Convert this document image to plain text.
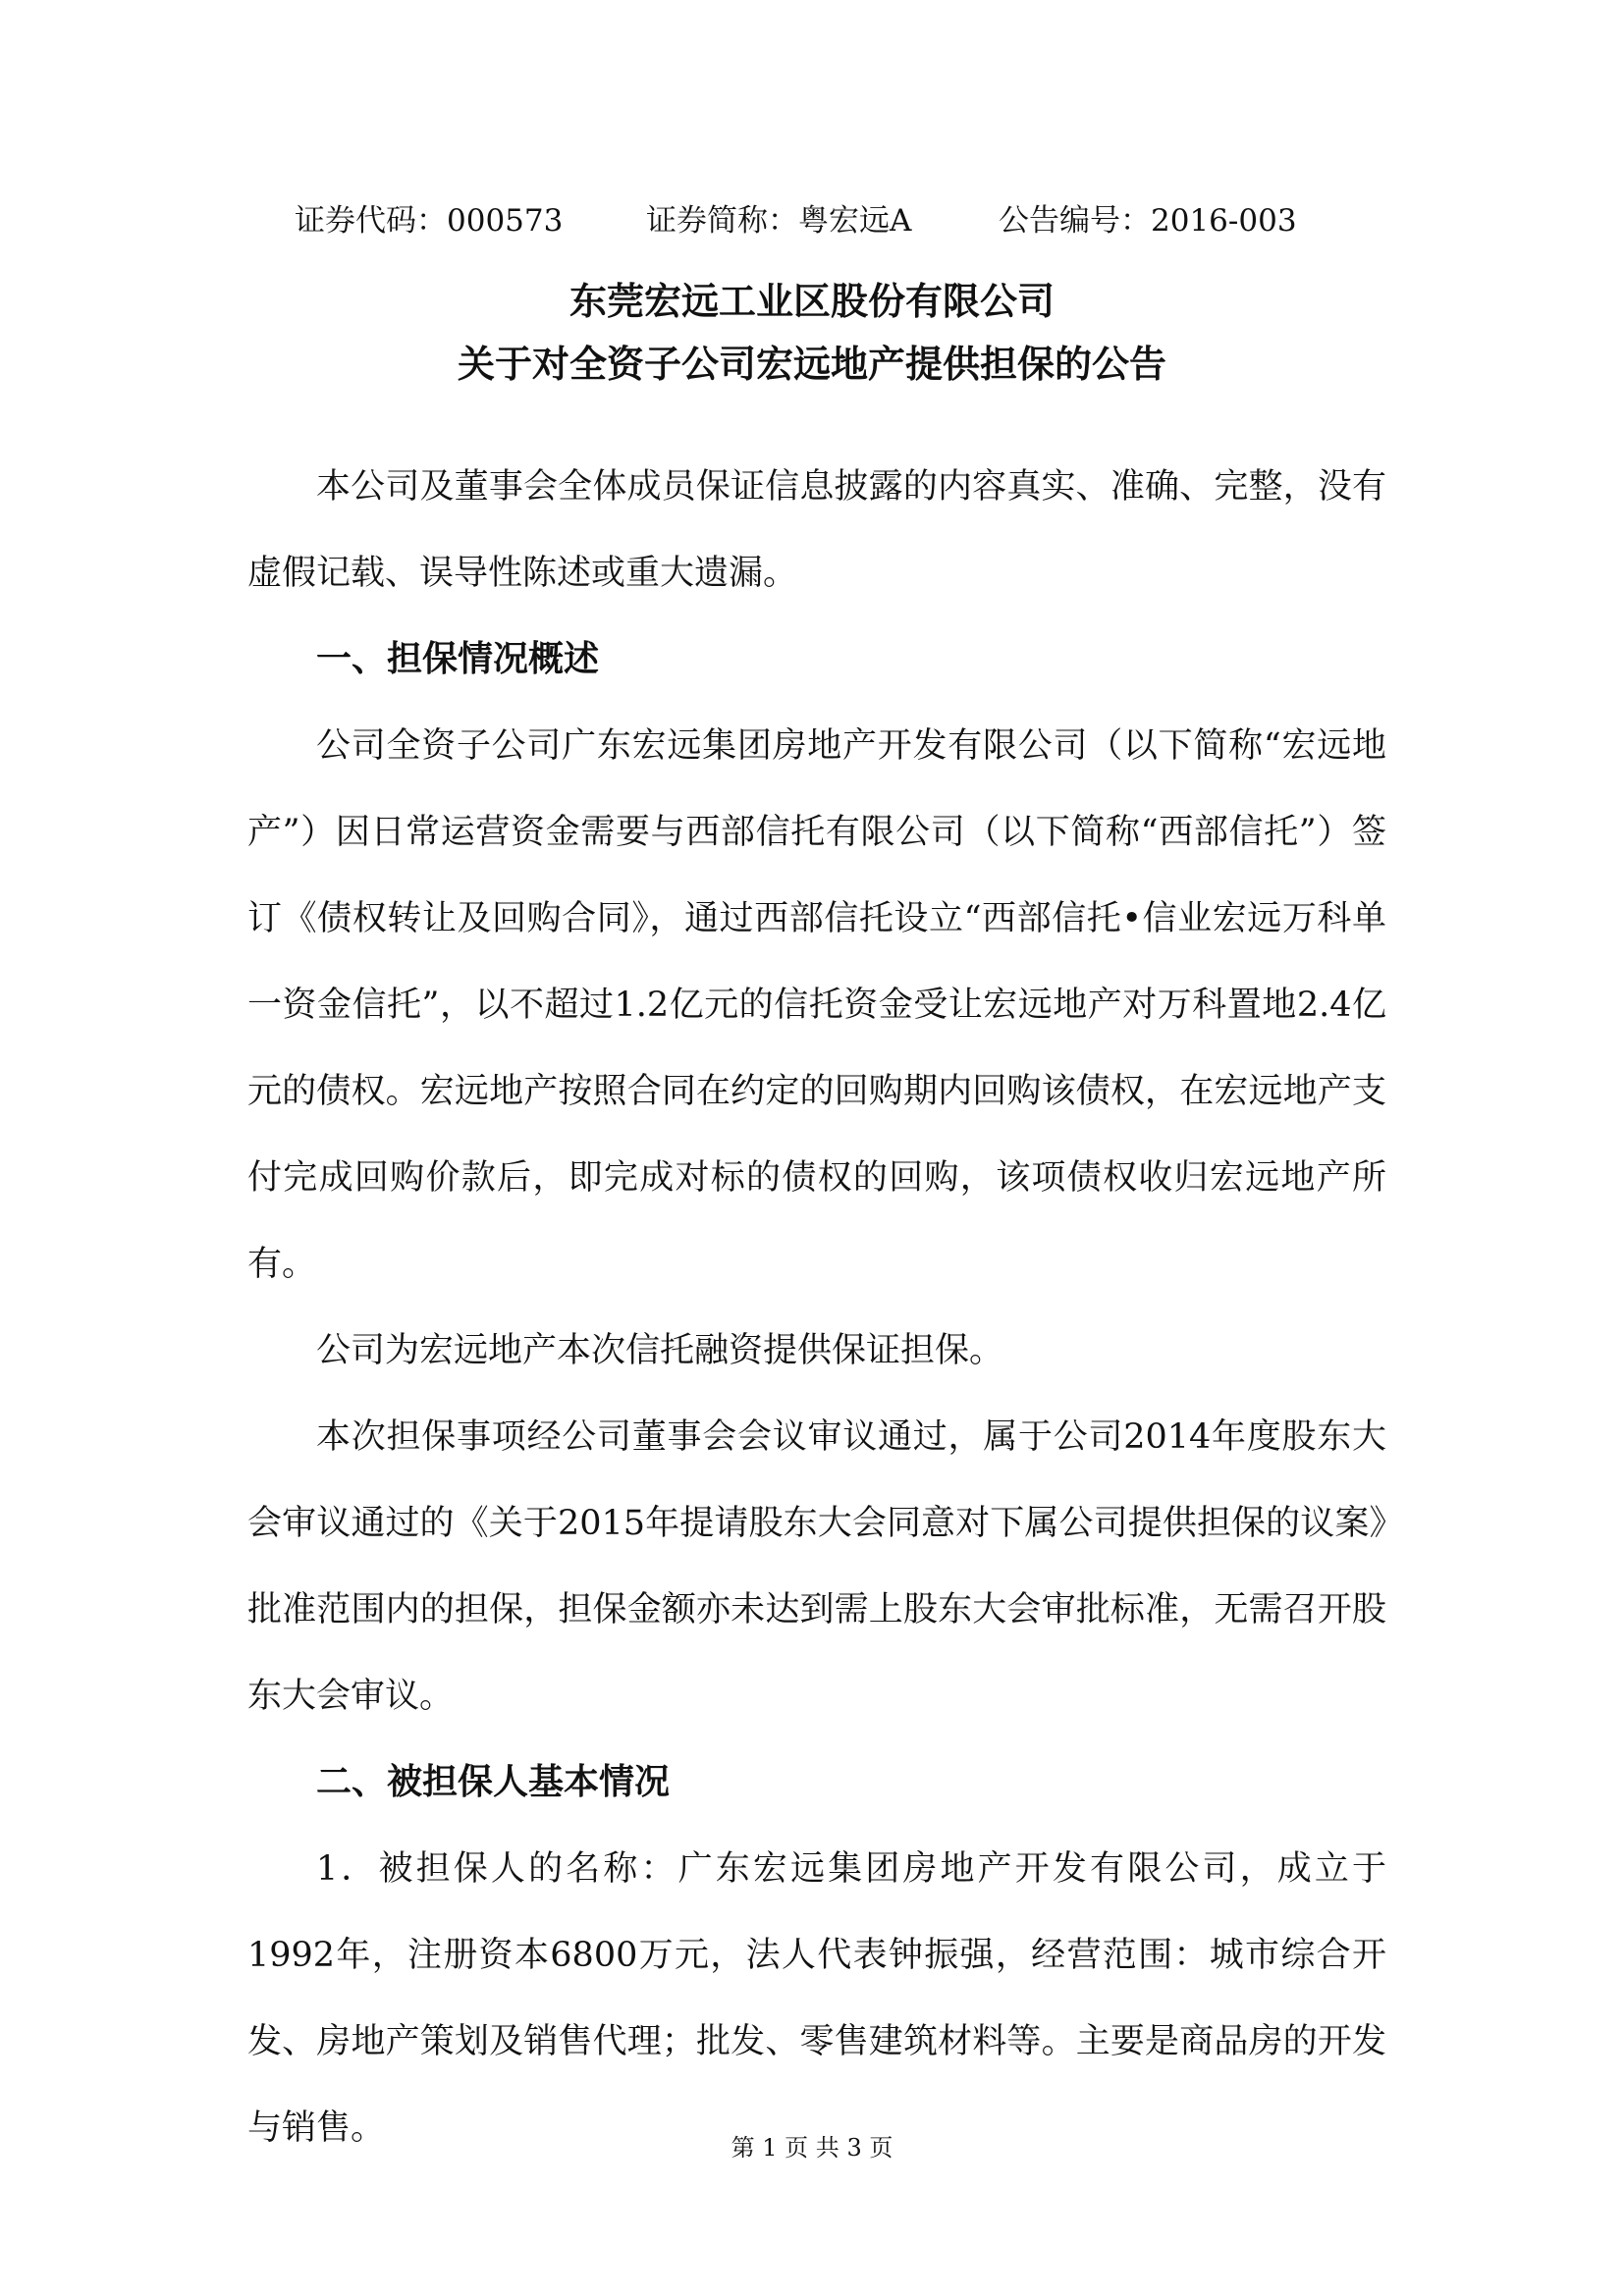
证券代码：000573	证券简称：粤宏远A	公告编号：2016-003
东莞宏远工业区股份有限公司
关于对全资子公司宏远地产提供担保的公告

本公司及董事会全体成员保证信息披露的内容真实、准确、完整，没有虚假记载、误导性陈述或重大遗漏。

一、担保情况概述

公司全资子公司广东宏远集团房地产开发有限公司（以下简称“宏远地产”）因日常运营资金需要与西部信托有限公司（以下简称“西部信托”）签订《债权转让及回购合同》，通过西部信托设立“西部信托•信业宏远万科单一资金信托”，以不超过1.2亿元的信托资金受让宏远地产对万科置地2.4亿元的债权。宏远地产按照合同在约定的回购期内回购该债权，在宏远地产支付完成回购价款后，即完成对标的债权的回购，该项债权收归宏远地产所有。

公司为宏远地产本次信托融资提供保证担保。

本次担保事项经公司董事会会议审议通过，属于公司2014年度股东大会审议通过的《关于2015年提请股东大会同意对下属公司提供担保的议案》批准范围内的担保，担保金额亦未达到需上股东大会审批标准，无需召开股东大会审议。

二、被担保人基本情况

1．被担保人的名称：广东宏远集团房地产开发有限公司，成立于1992年，注册资本6800万元，法人代表钟振强，经营范围：城市综合开发、房地产策划及销售代理；批发、零售建筑材料等。主要是商品房的开发与销售。	第 1 页 共 3 页
